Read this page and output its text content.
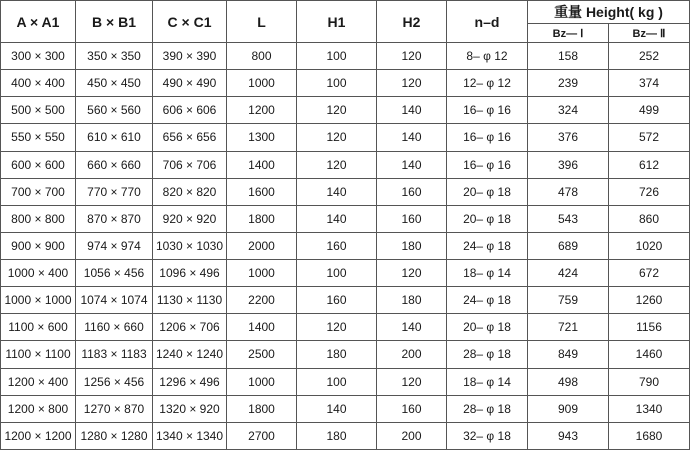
A × A1	B × B1	C × C1	L	H1	H2	n–d	重量 Height( kg )	
							Bz— Ⅰ	Bz— Ⅱ
300 × 300	350 × 350	390 × 390	800	100	120	8– φ 12	158	252
400 × 400	450 × 450	490 × 490	1000	100	120	12– φ 12	239	374
500 × 500	560 × 560	606 × 606	1200	120	140	16– φ 16	324	499
550 × 550	610 × 610	656 × 656	1300	120	140	16– φ 16	376	572
600 × 600	660 × 660	706 × 706	1400	120	140	16– φ 16	396	612
700 × 700	770 × 770	820 × 820	1600	140	160	20– φ 18	478	726
800 × 800	870 × 870	920 × 920	1800	140	160	20– φ 18	543	860
900 × 900	974 × 974	1030 × 1030	2000	160	180	24– φ 18	689	1020
1000 × 400	1056 × 456	1096 × 496	1000	100	120	18– φ 14	424	672
1000 × 1000	1074 × 1074	1130 × 1130	2200	160	180	24– φ 18	759	1260
1100 × 600	1160 × 660	1206 × 706	1400	120	140	20– φ 18	721	1156
1100 × 1100	1183 × 1183	1240 × 1240	2500	180	200	28– φ 18	849	1460
1200 × 400	1256 × 456	1296 × 496	1000	100	120	18– φ 14	498	790
1200 × 800	1270 × 870	1320 × 920	1800	140	160	28– φ 18	909	1340
1200 × 1200	1280 × 1280	1340 × 1340	2700	180	200	32– φ 18	943	1680
